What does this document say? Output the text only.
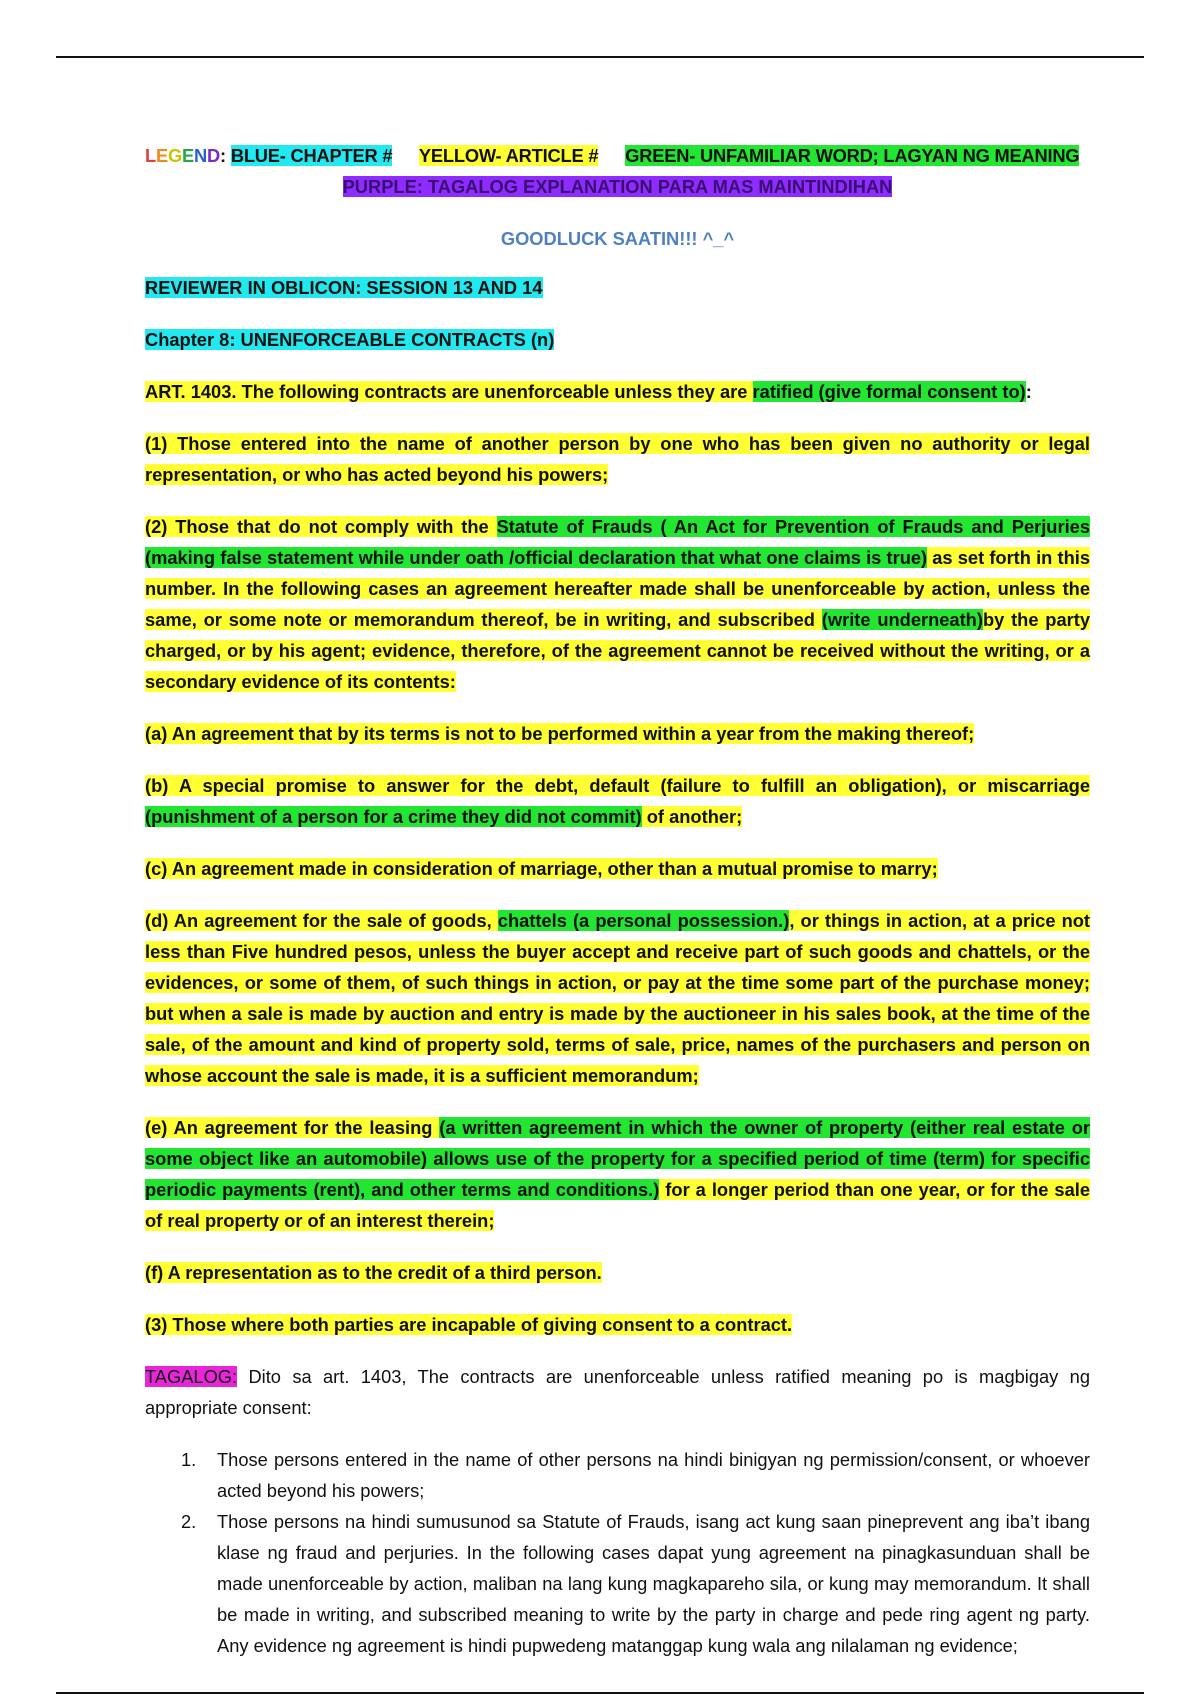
LEGEND: BLUE- CHAPTER # YELLOW- ARTICLE # GREEN- UNFAMILIAR WORD; LAGYAN NG MEANING

PURPLE: TAGALOG EXPLANATION PARA MAS MAINTINDIHAN

GOODLUCK SAATIN!!! ^_^

REVIEWER IN OBLICON: SESSION 13 AND 14

Chapter 8: UNENFORCEABLE CONTRACTS (n)

ART. 1403. The following contracts are unenforceable unless they are ratified (give formal consent to):

(1) Those entered into the name of another person by one who has been given no authority or legal representation, or who has acted beyond his powers;

(2) Those that do not comply with the Statute of Frauds ( An Act for Prevention of Frauds and Perjuries (making false statement while under oath /official declaration that what one claims is true) as set forth in this number. In the following cases an agreement hereafter made shall be unenforceable by action, unless the same, or some note or memorandum thereof, be in writing, and subscribed (write underneath)by the party charged, or by his agent; evidence, therefore, of the agreement cannot be received without the writing, or a secondary evidence of its contents:

(a) An agreement that by its terms is not to be performed within a year from the making thereof;

(b) A special promise to answer for the debt, default (failure to fulfill an obligation), or miscarriage (punishment of a person for a crime they did not commit) of another;

(c) An agreement made in consideration of marriage, other than a mutual promise to marry;

(d) An agreement for the sale of goods, chattels (a personal possession.), or things in action, at a price not less than Five hundred pesos, unless the buyer accept and receive part of such goods and chattels, or the evidences, or some of them, of such things in action, or pay at the time some part of the purchase money; but when a sale is made by auction and entry is made by the auctioneer in his sales book, at the time of the sale, of the amount and kind of property sold, terms of sale, price, names of the purchasers and person on whose account the sale is made, it is a sufficient memorandum;

(e) An agreement for the leasing (a written agreement in which the owner of property (either real estate or some object like an automobile) allows use of the property for a specified period of time (term) for specific periodic payments (rent), and other terms and conditions.) for a longer period than one year, or for the sale of real property or of an interest therein;

(f) A representation as to the credit of a third person.

(3) Those where both parties are incapable of giving consent to a contract.

TAGALOG: Dito sa art. 1403, The contracts are unenforceable unless ratified meaning po is magbigay ng appropriate consent:

1. Those persons entered in the name of other persons na hindi binigyan ng permission/consent, or whoever acted beyond his powers;
2. Those persons na hindi sumusunod sa Statute of Frauds, isang act kung saan pineprevent ang iba’t ibang klase ng fraud and perjuries. In the following cases dapat yung agreement na pinagkasunduan shall be made unenforceable by action, maliban na lang kung magkapareho sila, or kung may memorandum. It shall be made in writing, and subscribed meaning to write by the party in charge and pede ring agent ng party. Any evidence ng agreement is hindi pupwedeng matanggap kung wala ang nilalaman ng evidence;
